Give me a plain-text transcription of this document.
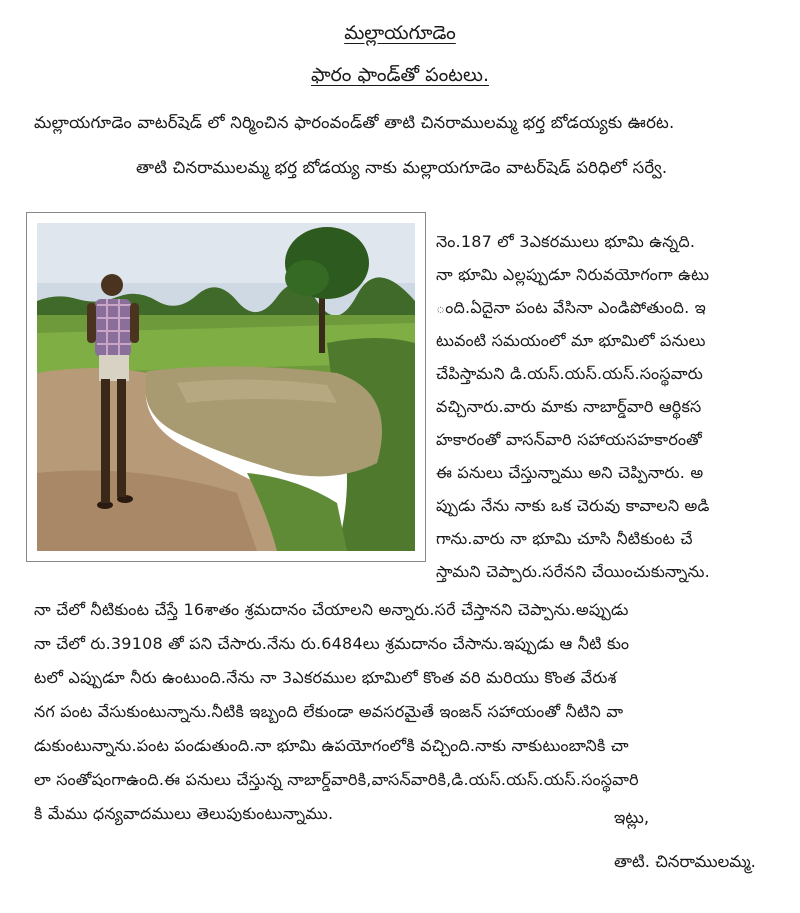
మల్లాయగూడెం
ఫారం ఫాండ్‌తో పంటలు.
మల్లాయగూడెం వాటర్‌షెడ్ లో నిర్మించిన ఫారంవండ్‌తో తాటి చినరాములమ్మ భర్త బోడయ్యకు ఊరట.
తాటి చినరాములమ్మ భర్త బోడయ్య నాకు మల్లాయగూడెం వాటర్‌షెడ్ పరిధిలో సర్వే.
నెం.187 లో 3ఎకరములు భూమి ఉన్నది.
నా భూమి ఎల్లప్పుడూ నిరువయోగంగా ఉటు
ంది.ఏదైనా పంట వేసినా ఎండిపోతుంది. ఇ
టువంటి సమయంలో మా భూమిలో పనులు
చేపిస్తామని డి.యస్.యస్.యస్.సంస్థవారు
వచ్చినారు.వారు మాకు నాబార్డ్‌వారి ఆర్థికస
హకారంతో వాసన్‌వారి సహాయసహకారంతో
ఈ పనులు చేస్తున్నాము అని చెప్పినారు. అ
ప్పుడు నేను నాకు ఒక చెరువు కావాలని అడి
గాను.వారు నా భూమి చూసి నీటికుంట చే
స్తామని చెప్పారు.సరేనని చేయించుకున్నాను.
నా చేలో నీటికుంట చేస్తే 16శాతం శ్రమదానం చేయాలని అన్నారు.సరే చేస్తానని చెప్పాను.అప్పుడు
నా చేలో రు.39108 తో పని చేసారు.నేను రు.6484లు శ్రమదానం చేసాను.ఇప్పుడు ఆ నీటి కుం
టలో ఎప్పుడూ నీరు ఉంటుంది.నేను నా 3ఎకరముల భూమిలో కొంత వరి మరియు కొంత వేరుశ
నగ పంట వేసుకుంటున్నాను.నీటికి ఇబ్బంది లేకుండా అవసరమైతే ఇంజన్ సహాయంతో నీటిని వా
డుకుంటున్నాను.పంట పండుతుంది.నా భూమి ఉపయోగంలోకి వచ్చింది.నాకు నాకుటుంబానికి చా
లా సంతోషంగాఉంది.ఈ పనులు చేస్తున్న నాబార్డ్‌వారికి,వాసన్‌వారికి,డి.యస్.యస్.యస్.సంస్థవారి
కి మేము ధన్యవాదములు తెలుపుకుంటున్నాము.	ఇట్లు,
తాటి. చినరాములమ్మ.
